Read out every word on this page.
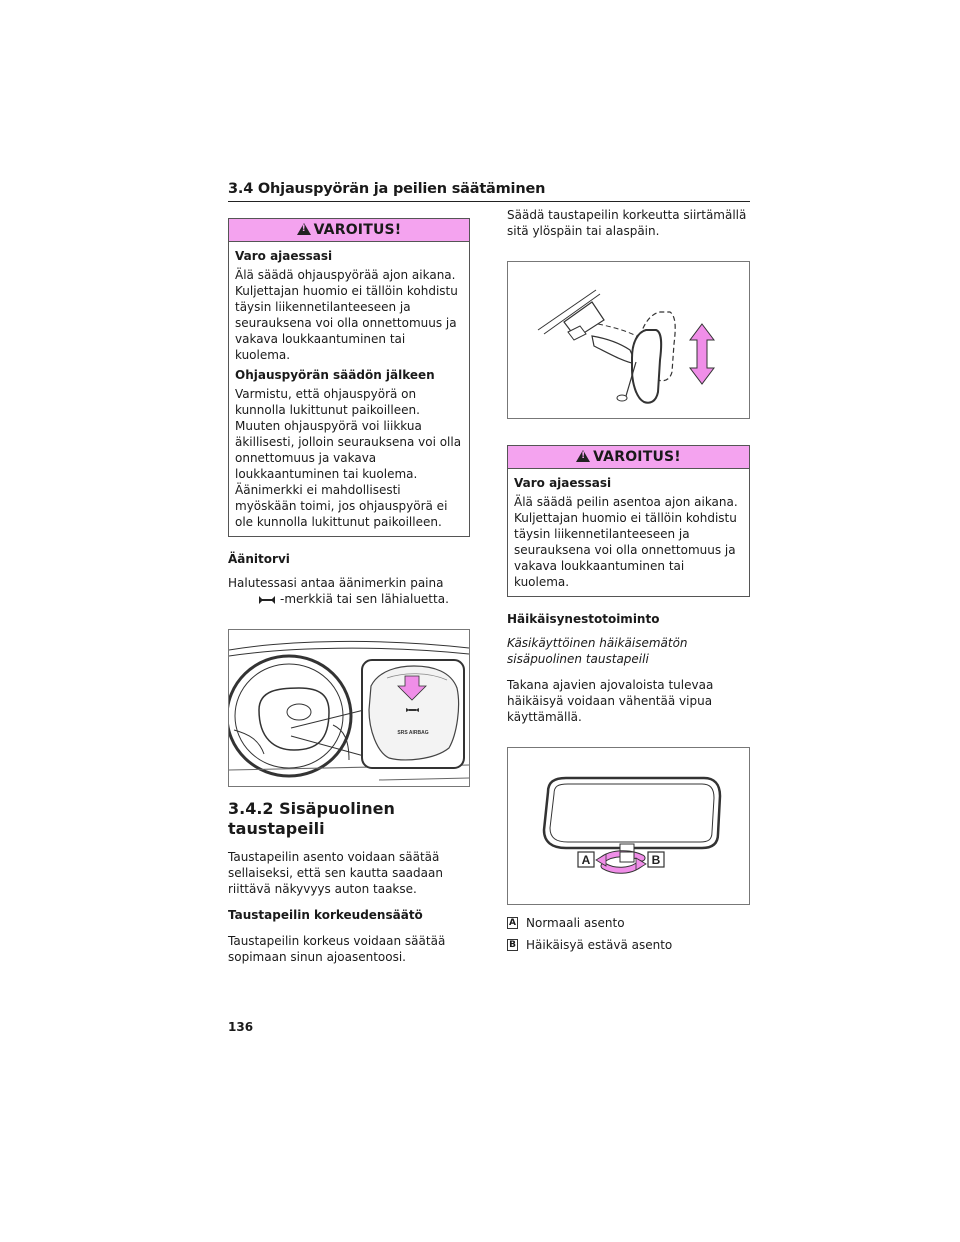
3.4 Ohjauspyörän ja peilien säätäminen
!VAROITUS!
Varo ajaessasi
Älä säädä ohjauspyörää ajon aikana. Kuljettajan huomio ei tällöin kohdistu täysin liikennetilanteeseen ja seurauksena voi olla onnettomuus ja vakava loukkaantuminen tai kuolema.
Ohjauspyörän säädön jälkeen
Varmistu, että ohjauspyörä on kunnolla lukittunut paikoilleen. Muuten ohjauspyörä voi liikkua äkillisesti, jolloin seurauksena voi olla onnettomuus ja vakava loukkaantuminen tai kuolema. Äänimerkki ei mahdollisesti myöskään toimi, jos ohjauspyörä ei ole kunnolla lukittunut paikoilleen.
Äänitorvi

Halutessasi antaa äänimerkin paina

-merkkiä tai sen lähialuetta.

SRS AIRBAG
3.4.2 Sisäpuolinen taustapeili

Taustapeilin asento voidaan säätää sellaiseksi, että sen kautta saadaan riittävä näkyvyys auton taakse.

Taustapeilin korkeudensäätö

Taustapeilin korkeus voidaan säätää sopimaan sinun ajoasentoosi.

Säädä taustapeilin korkeutta siirtämällä sitä ylöspäin tai alaspäin.

!VAROITUS!
Varo ajaessasi
Älä säädä peilin asentoa ajon aikana. Kuljettajan huomio ei tällöin kohdistu täysin liikennetilanteeseen ja seurauksena voi olla onnettomuus ja vakava loukkaantuminen tai kuolema.
Häikäisynestotoiminto

Käsikäyttöinen häikäisemätön sisäpuolinen taustapeili

Takana ajavien ajovaloista tulevaa häikäisyä voidaan vähentää vipua käyttämällä.

A	B
A Normaali asento
B Häikäisyä estävä asento
136
